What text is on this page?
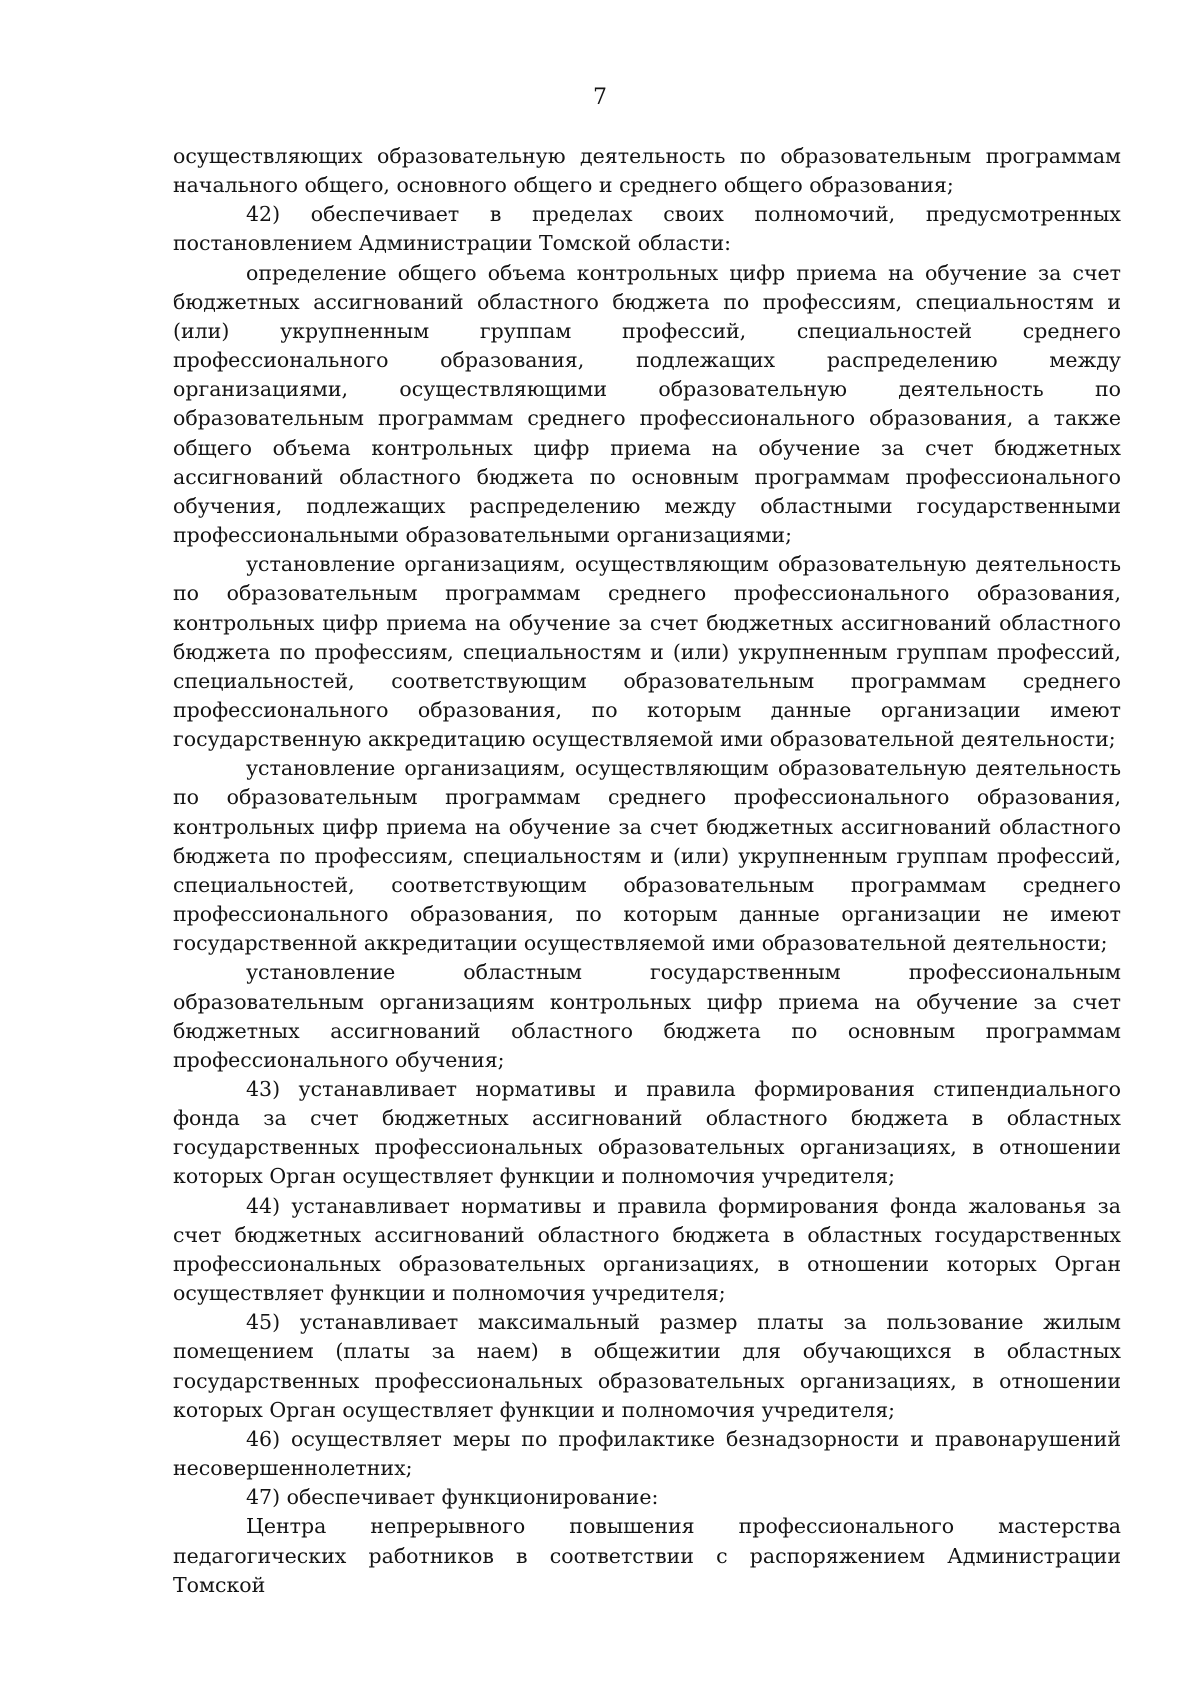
7

осуществляющих образовательную деятельность по образовательным программам начального общего, основного общего и среднего общего образования;

42) обеспечивает в пределах своих полномочий, предусмотренных постановлением Администрации Томской области:

определение общего объема контрольных цифр приема на обучение за счет бюджетных ассигнований областного бюджета по профессиям, специальностям и (или) укрупненным группам профессий, специальностей среднего профессионального образования, подлежащих распределению между организациями, осуществляющими образовательную деятельность по образовательным программам среднего профессионального образования, а также общего объема контрольных цифр приема на обучение за счет бюджетных ассигнований областного бюджета по основным программам профессионального обучения, подлежащих распределению между областными государственными профессиональными образовательными организациями;

установление организациям, осуществляющим образовательную деятельность по образовательным программам среднего профессионального образования, контрольных цифр приема на обучение за счет бюджетных ассигнований областного бюджета по профессиям, специальностям и (или) укрупненным группам профессий, специальностей, соответствующим образовательным программам среднего профессионального образования, по которым данные организации имеют государственную аккредитацию осуществляемой ими образовательной деятельности;

установление организациям, осуществляющим образовательную деятельность по образовательным программам среднего профессионального образования, контрольных цифр приема на обучение за счет бюджетных ассигнований областного бюджета по профессиям, специальностям и (или) укрупненным группам профессий, специальностей, соответствующим образовательным программам среднего профессионального образования, по которым данные организации не имеют государственной аккредитации осуществляемой ими образовательной деятельности;

установление областным государственным профессиональным образовательным организациям контрольных цифр приема на обучение за счет бюджетных ассигнований областного бюджета по основным программам профессионального обучения;

43) устанавливает нормативы и правила формирования стипендиального фонда за счет бюджетных ассигнований областного бюджета в областных государственных профессиональных образовательных организациях, в отношении которых Орган осуществляет функции и полномочия учредителя;

44) устанавливает нормативы и правила формирования фонда жалованья за счет бюджетных ассигнований областного бюджета в областных государственных профессиональных образовательных организациях, в отношении которых Орган осуществляет функции и полномочия учредителя;

45) устанавливает максимальный размер платы за пользование жилым помещением (платы за наем) в общежитии для обучающихся в областных государственных профессиональных образовательных организациях, в отношении которых Орган осуществляет функции и полномочия учредителя;

46) осуществляет меры по профилактике безнадзорности и правонарушений несовершеннолетних;

47) обеспечивает функционирование:

Центра непрерывного повышения профессионального мастерства педагогических работников в соответствии с распоряжением Администрации Томской
